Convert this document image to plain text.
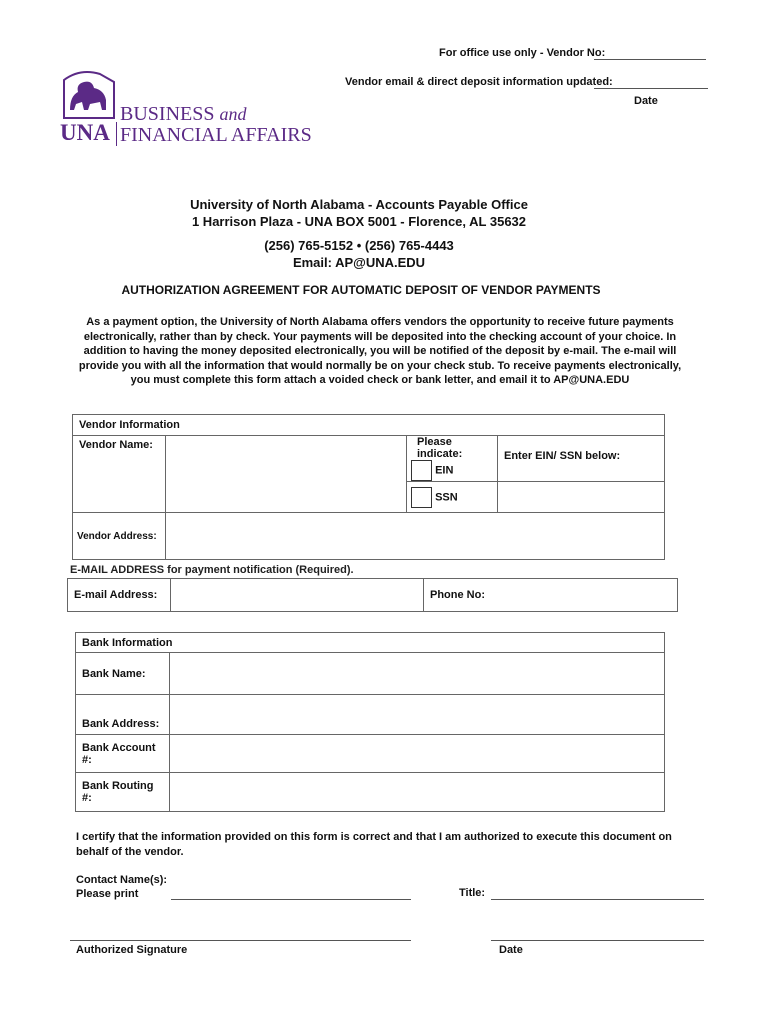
For office use only - Vendor No:
Vendor email & direct deposit information updated:
Date
UNA
BUSINESS and
FINANCIAL AFFAIRS
University of North Alabama - Accounts Payable Office
1 Harrison Plaza - UNA BOX 5001 - Florence, AL 35632
(256) 765-5152 • (256) 765-4443
Email: AP@UNA.EDU
AUTHORIZATION AGREEMENT FOR AUTOMATIC DEPOSIT OF VENDOR PAYMENTS
As a payment option, the University of North Alabama offers vendors the opportunity to receive future payments
electronically, rather than by check. Your payments will be deposited into the checking account of your choice. In
addition to having the money deposited electronically, you will be notified of the deposit by e-mail. The e-mail will
provide you with all the information that would normally be on your check stub. To receive payments electronically,
you must complete this form attach a voided check or bank letter, and email it to AP@UNA.EDU
Vendor Information			
Vendor Name:		Please indicate:
EIN	Enter EIN/ SSN below:
		SSN	
Vendor Address:			
E-MAIL ADDRESS for payment notification (Required).
E-mail Address:		Phone No:
Bank Information	
Bank Name:	
Bank Address:	
Bank Account #:	
Bank Routing #:	
I certify that the information provided on this form is correct and that I am authorized to execute this document on
behalf of the vendor.
Contact Name(s):
Please print	Title:
Authorized Signature	Date
